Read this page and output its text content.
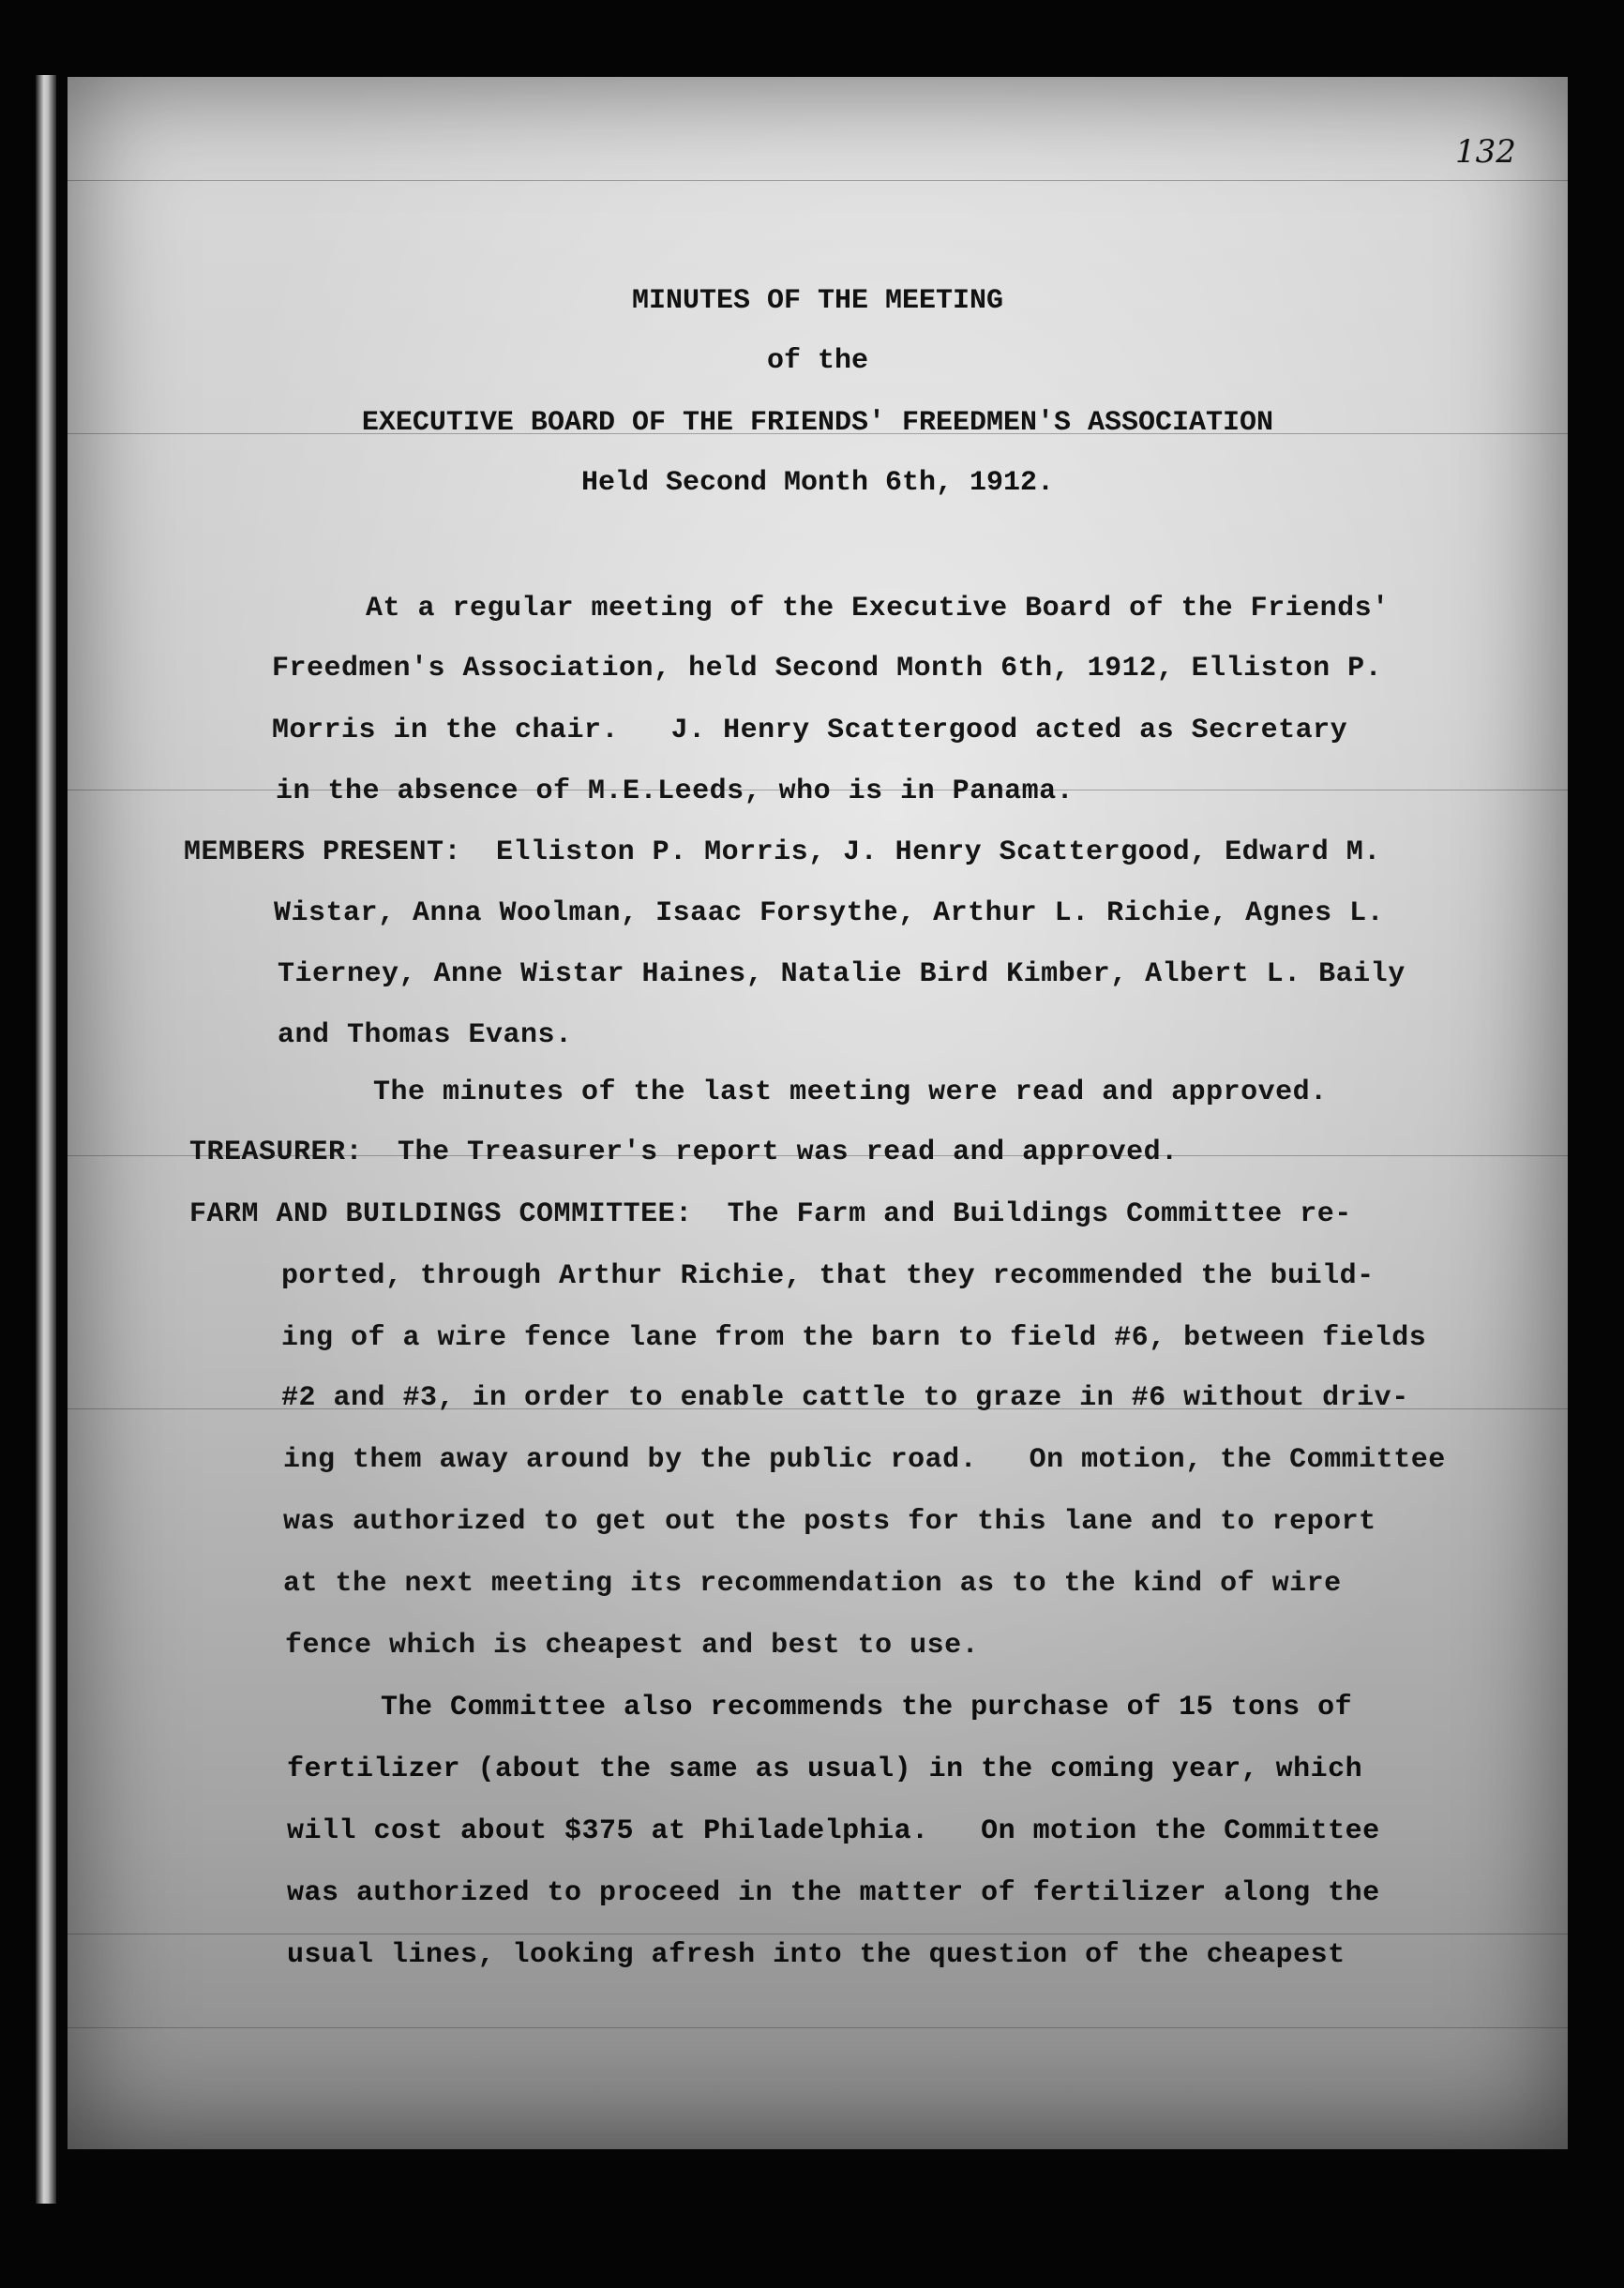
132
MINUTES OF THE MEETING
of the
EXECUTIVE BOARD OF THE FRIENDS' FREEDMEN'S ASSOCIATION
Held Second Month 6th, 1912.
At a regular meeting of the Executive Board of the Friends'
Freedmen's Association, held Second Month 6th, 1912, Elliston P.
Morris in the chair.   J. Henry Scattergood acted as Secretary
in the absence of M.E.Leeds, who is in Panama.
MEMBERS PRESENT:  Elliston P. Morris, J. Henry Scattergood, Edward M.
Wistar, Anna Woolman, Isaac Forsythe, Arthur L. Richie, Agnes L.
Tierney, Anne Wistar Haines, Natalie Bird Kimber, Albert L. Baily
and Thomas Evans.
The minutes of the last meeting were read and approved.
TREASURER:  The Treasurer's report was read and approved.
FARM AND BUILDINGS COMMITTEE:  The Farm and Buildings Committee re-
ported, through Arthur Richie, that they recommended the build-
ing of a wire fence lane from the barn to field #6, between fields
#2 and #3, in order to enable cattle to graze in #6 without driv-
ing them away around by the public road.   On motion, the Committee
was authorized to get out the posts for this lane and to report
at the next meeting its recommendation as to the kind of wire
fence which is cheapest and best to use.
The Committee also recommends the purchase of 15 tons of
fertilizer (about the same as usual) in the coming year, which
will cost about $375 at Philadelphia.   On motion the Committee
was authorized to proceed in the matter of fertilizer along the
usual lines, looking afresh into the question of the cheapest
